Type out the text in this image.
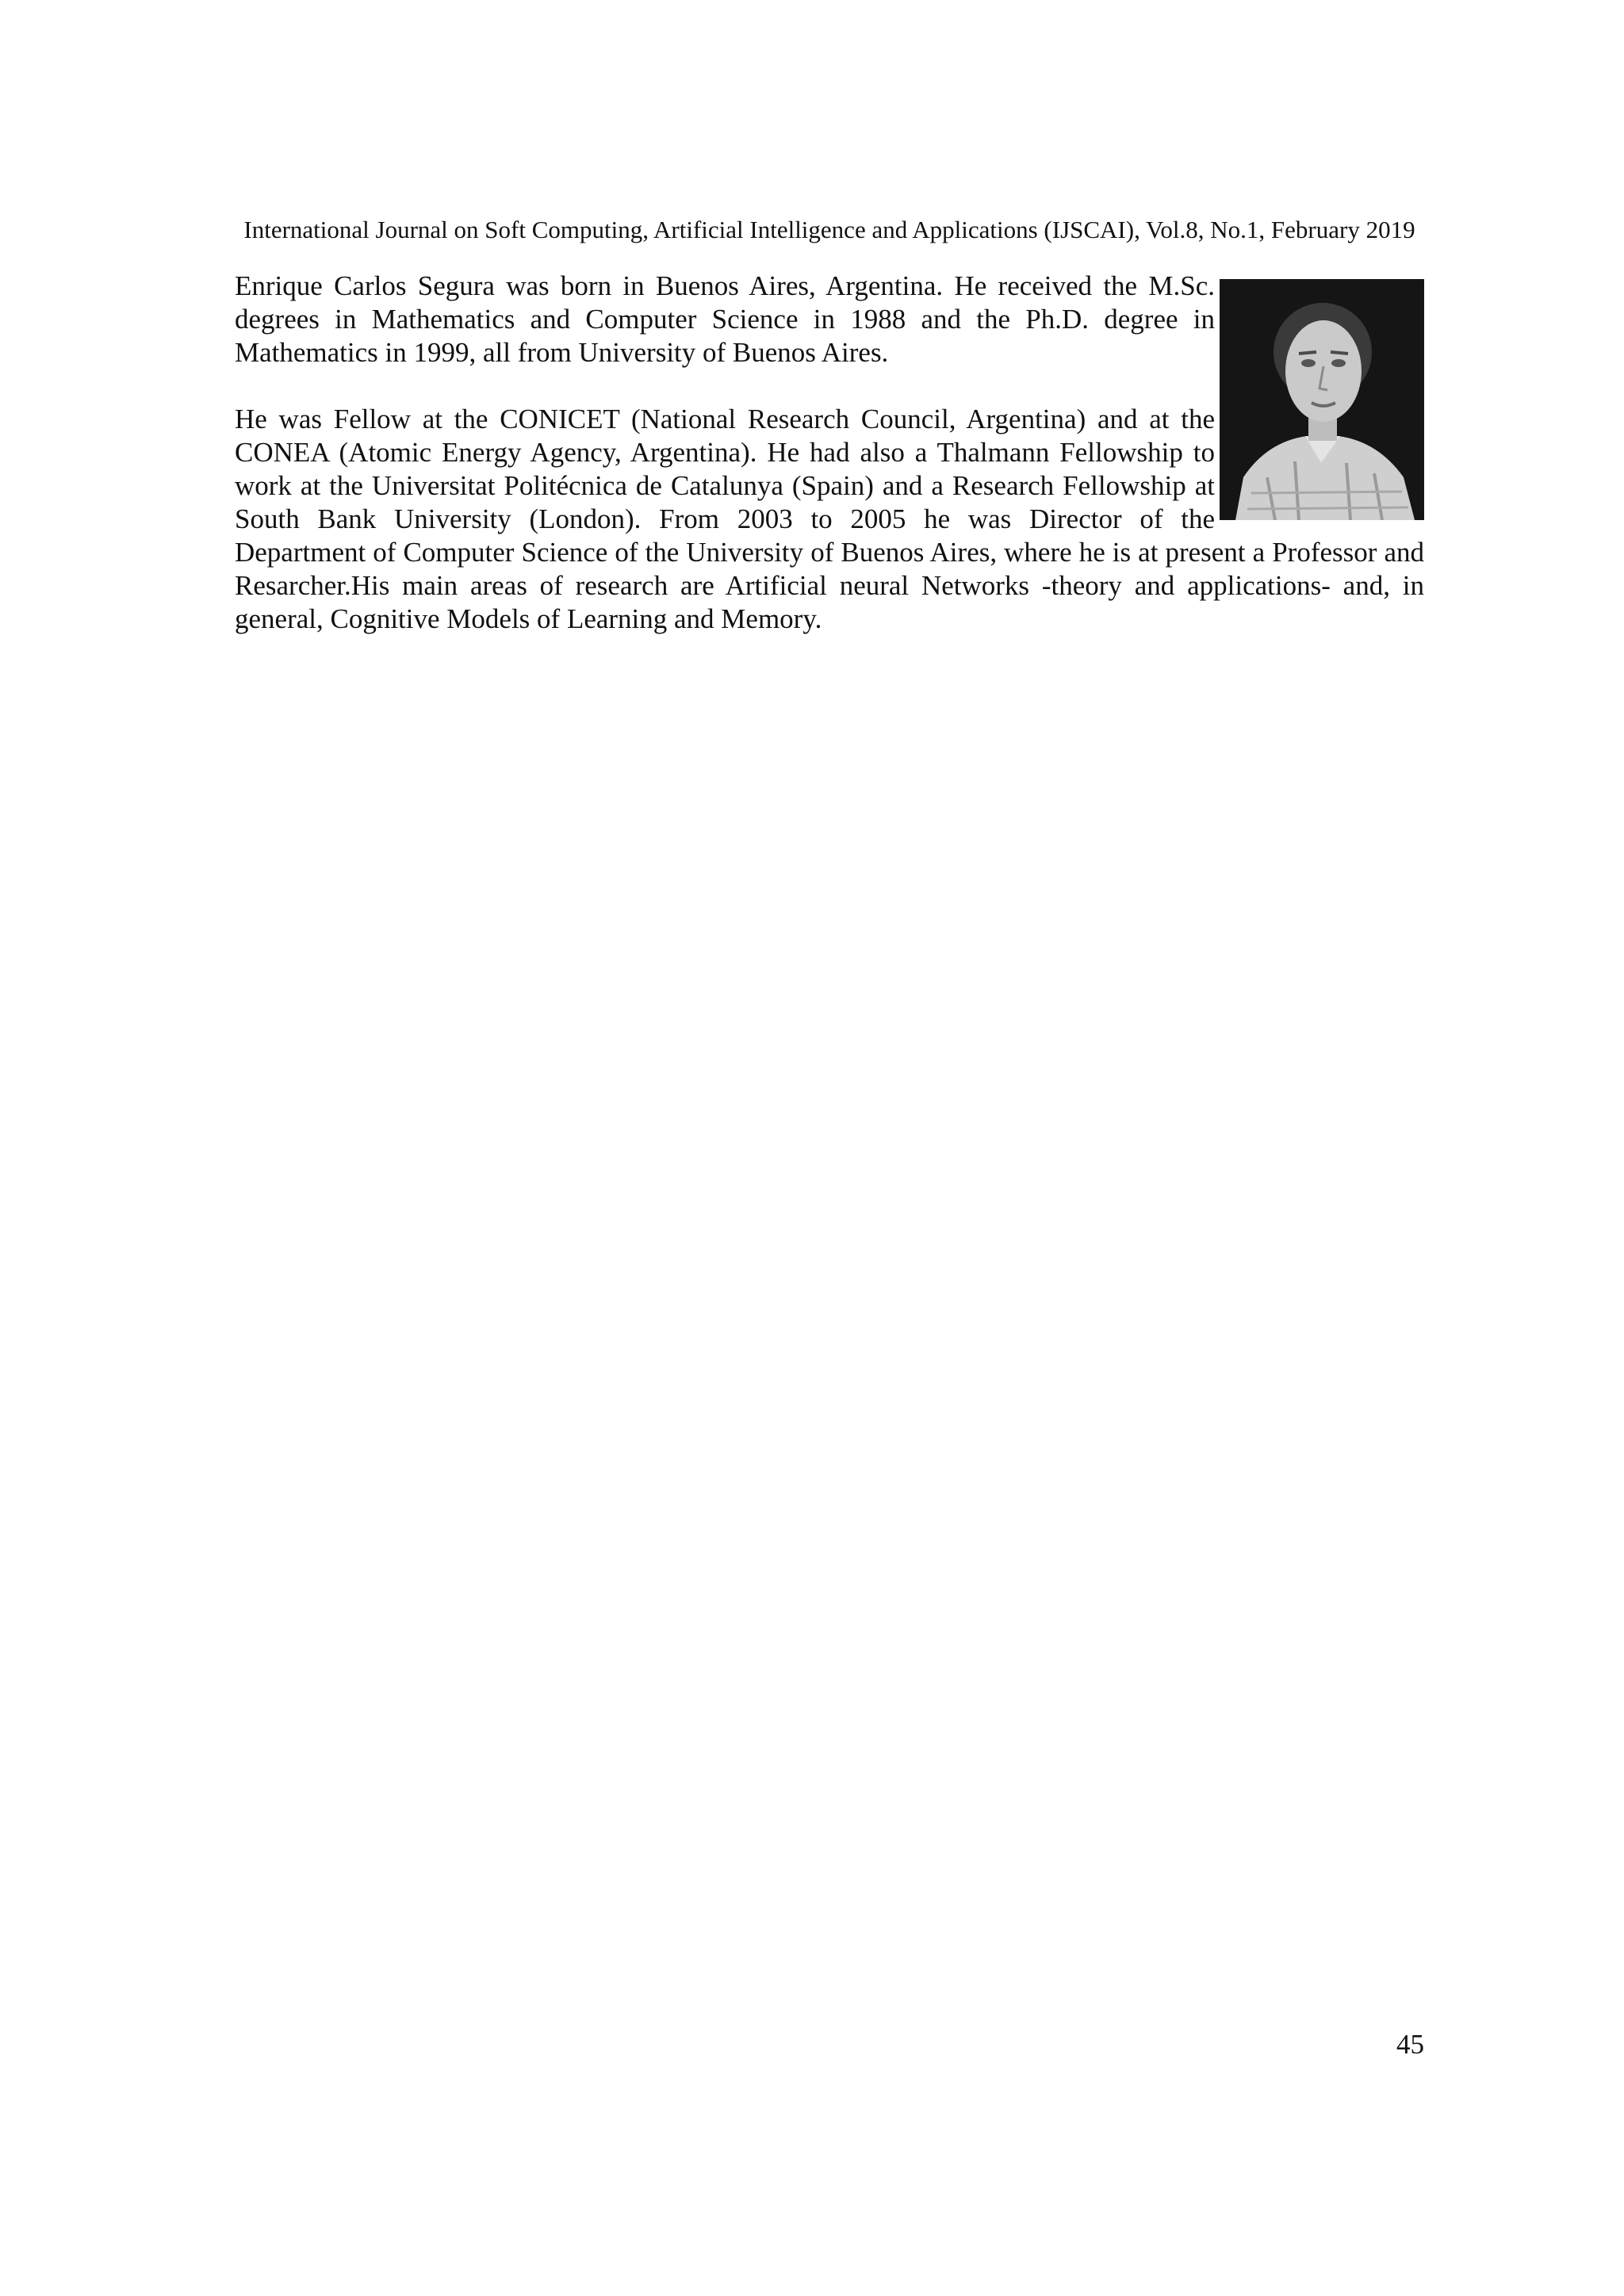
International Journal on Soft Computing, Artificial Intelligence and Applications (IJSCAI), Vol.8, No.1, February 2019

Enrique Carlos Segura was born in Buenos Aires, Argentina. He received the M.Sc. degrees in Mathematics and Computer Science in 1988 and the Ph.D. degree in Mathematics in 1999, all from University of Buenos Aires.

He was Fellow at the CONICET (National Research Council, Argentina) and at the CONEA (Atomic Energy Agency, Argentina). He had also a Thalmann Fellowship to work at the Universitat Politécnica de Catalunya (Spain) and a Research Fellowship at South Bank University (London). From 2003 to 2005 he was Director of the Department of Computer Science of the University of Buenos Aires, where he is at present a Professor and Resarcher.His main areas of research are Artificial neural Networks -theory and applications- and, in general, Cognitive Models of Learning and Memory.

45
